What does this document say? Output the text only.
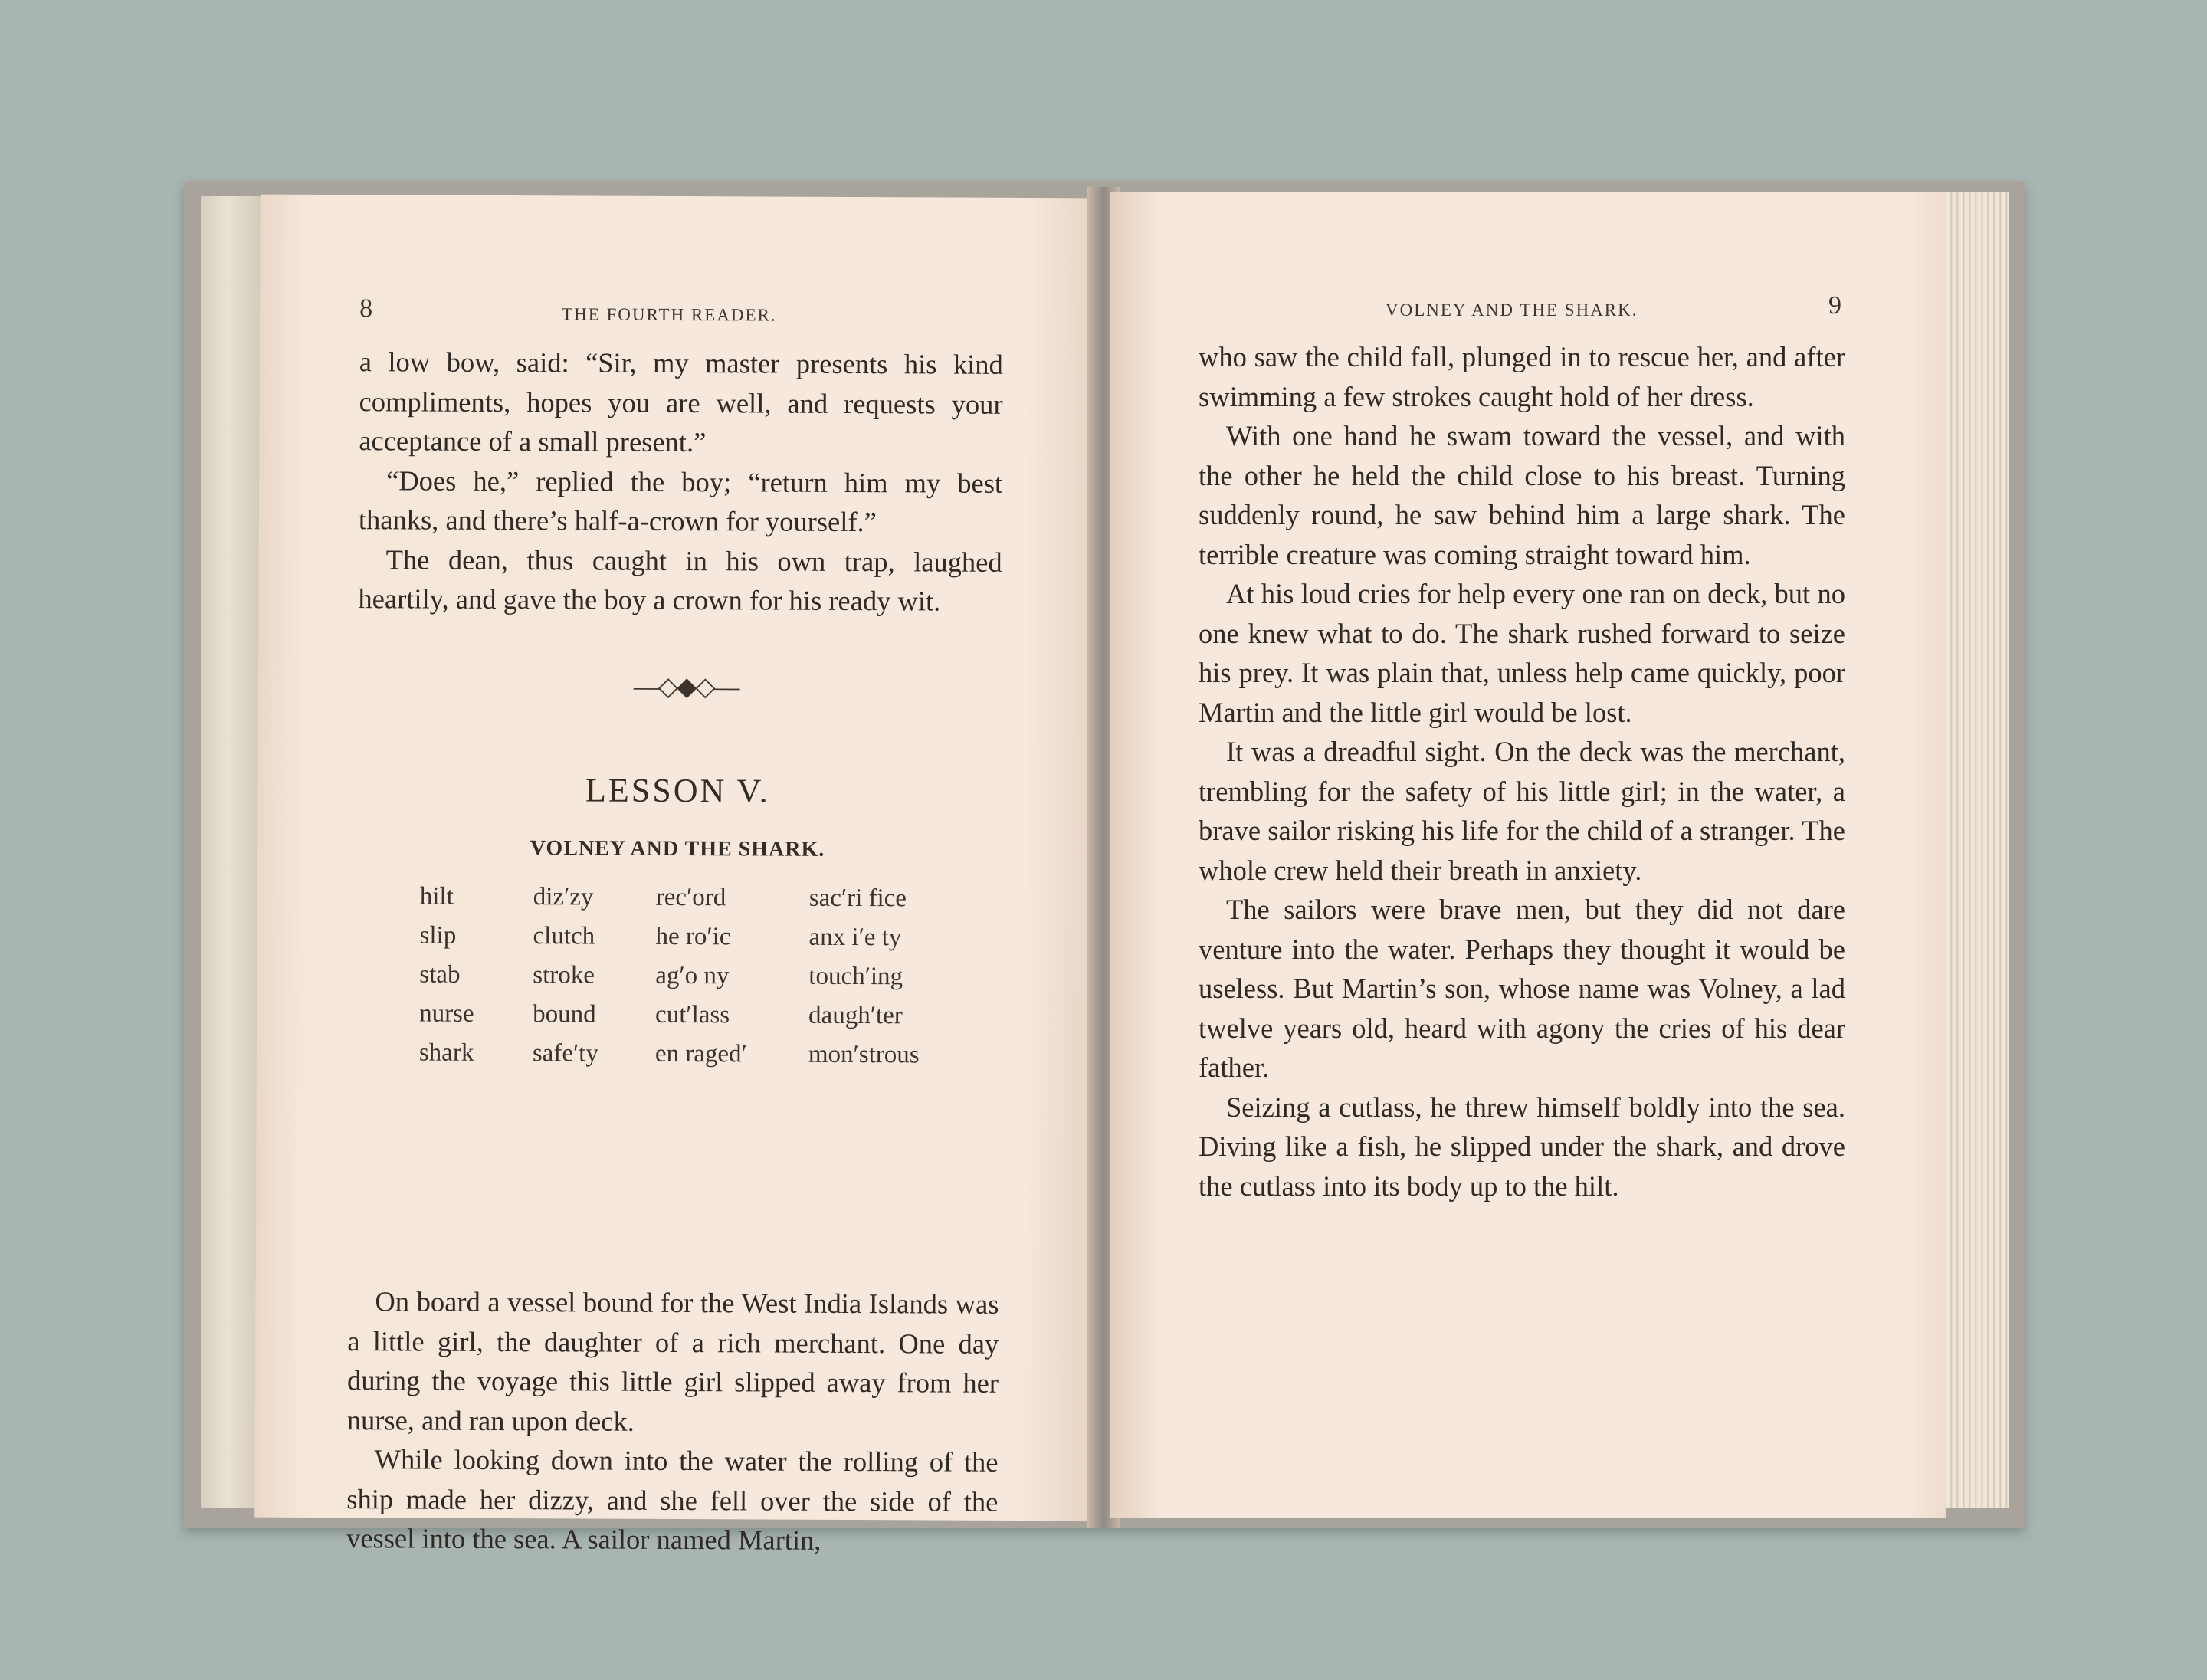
8	THE FOURTH READER.

a low bow, said: “Sir, my master presents his kind compliments, hopes you are well, and requests your acceptance of a small present.”

“Does he,” replied the boy; “return him my best thanks, and there’s half-a-crown for yourself.”

The dean, thus caught in his own trap, laughed heartily, and gave the boy a crown for his ready wit.

—◇◆◇—
LESSON V.
VOLNEY AND THE SHARK.
hilt	diz′zy	rec′ord	sac′ri fice
slip	clutch	he ro′ic	anx i′e ty
stab	stroke	ag′o ny	touch′ing
nurse	bound	cut′lass	daugh′ter
shark	safe′ty	en raged′	mon′strous

On board a vessel bound for the West India Islands was a little girl, the daughter of a rich merchant. One day during the voyage this little girl slipped away from her nurse, and ran upon deck.

While looking down into the water the rolling of the ship made her dizzy, and she fell over the side of the vessel into the sea. A sailor named Martin,

VOLNEY AND THE SHARK.	9

who saw the child fall, plunged in to rescue her, and after swimming a few strokes caught hold of her dress.

With one hand he swam toward the vessel, and with the other he held the child close to his breast. Turning suddenly round, he saw behind him a large shark. The terrible creature was coming straight toward him.

At his loud cries for help every one ran on deck, but no one knew what to do. The shark rushed forward to seize his prey. It was plain that, unless help came quickly, poor Martin and the little girl would be lost.

It was a dreadful sight. On the deck was the merchant, trembling for the safety of his little girl; in the water, a brave sailor risking his life for the child of a stranger. The whole crew held their breath in anxiety.

The sailors were brave men, but they did not dare venture into the water. Perhaps they thought it would be useless. But Martin’s son, whose name was Volney, a lad twelve years old, heard with agony the cries of his dear father.

Seizing a cutlass, he threw himself boldly into the sea. Diving like a fish, he slipped under the shark, and drove the cutlass into its body up to the hilt.
